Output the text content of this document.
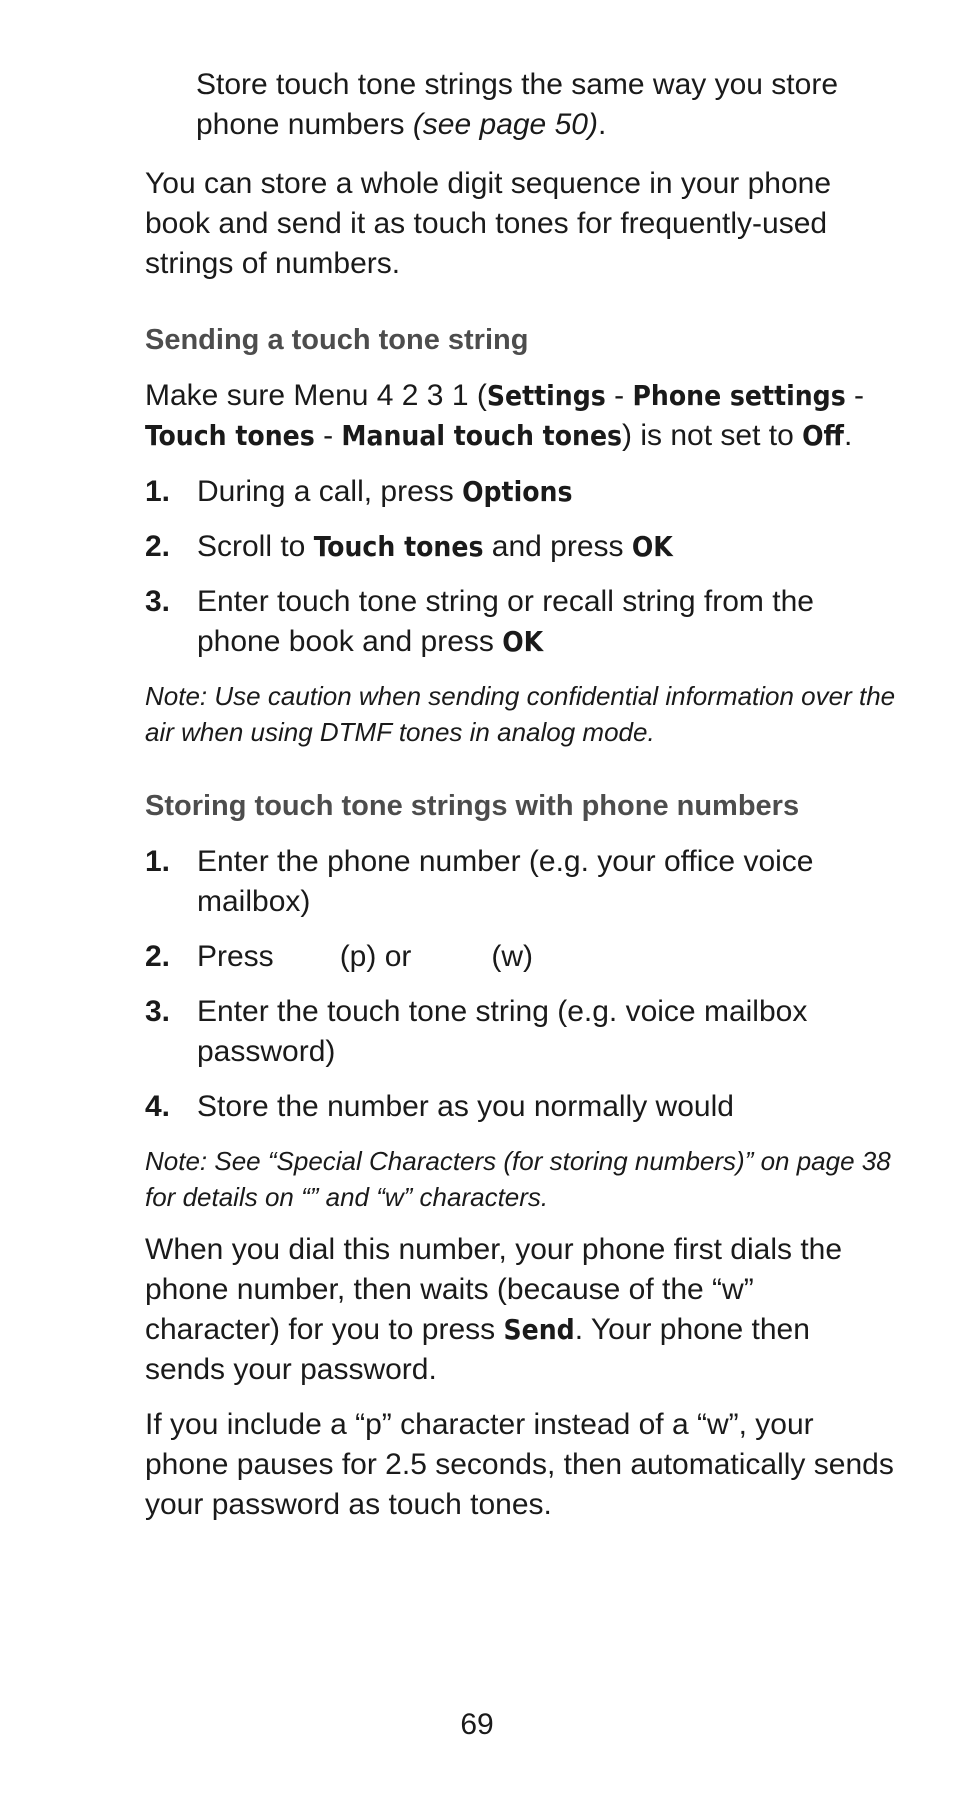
Store touch tone strings the same way you store phone numbers (see page 50).

You can store a whole digit sequence in your phone book and send it as touch tones for frequently-used strings of numbers.

Sending a touch tone string

Make sure Menu 4 2 3 1 (Settings - Phone settings - Touch tones - Manual touch tones) is not set to Off.

1. During a call, press Options
2. Scroll to Touch tones and press OK
3. Enter touch tone string or recall string from the phone book and press OK

Note: Use caution when sending confidential information over the air when using DTMF tones in analog mode.

Storing touch tone strings with phone numbers
1. Enter the phone number (e.g. your office voice mailbox)
2. Press (p) or	(w)
3. Enter the touch tone string (e.g. voice mailbox password)
4. Store the number as you normally would

Note: See “Special Characters (for storing numbers)” on page 38 for details on “” and “w” characters.

When you dial this number, your phone first dials the phone number, then waits (because of the “w” character) for you to press Send. Your phone then sends your password.

If you include a “p” character instead of a “w”, your phone pauses for 2.5 seconds, then automatically sends your password as touch tones.

69
